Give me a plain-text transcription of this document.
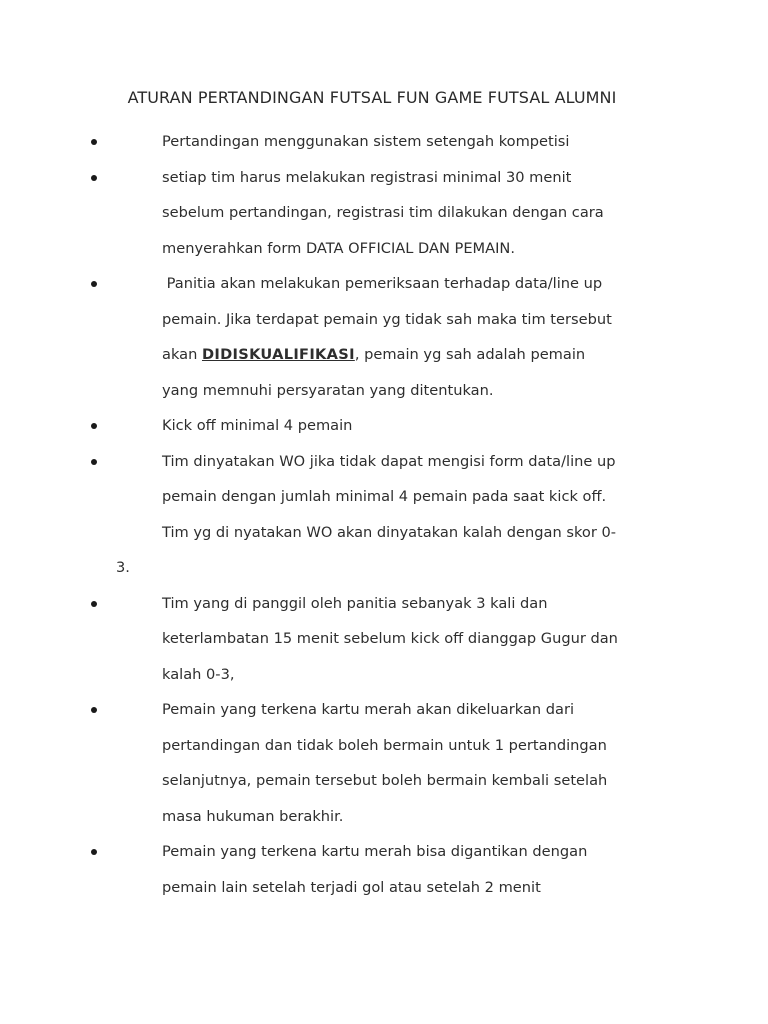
ATURAN PERTANDINGAN FUTSAL FUN GAME FUTSAL ALUMNI
Pertandingan menggunakan sistem setengah kompetisi
setiap tim harus melakukan registrasi minimal 30 menit
sebelum pertandingan, registrasi tim dilakukan dengan cara
menyerahkan form DATA OFFICIAL DAN PEMAIN.
Panitia akan melakukan pemeriksaan terhadap data/line up
pemain. Jika terdapat pemain yg tidak sah maka tim tersebut
akan DIDISKUALIFIKASI, pemain yg sah adalah pemain
yang memnuhi persyaratan yang ditentukan.
Kick off minimal 4 pemain
Tim dinyatakan WO jika tidak dapat mengisi form data/line up
pemain dengan jumlah minimal 4 pemain pada saat kick off.
Tim yg di nyatakan WO akan dinyatakan kalah dengan skor 0-
3.
Tim yang di panggil oleh panitia sebanyak 3 kali dan
keterlambatan 15 menit sebelum kick off dianggap Gugur dan
kalah 0-3,
Pemain yang terkena kartu merah akan dikeluarkan dari
pertandingan dan tidak boleh bermain untuk 1 pertandingan
selanjutnya, pemain tersebut boleh bermain kembali setelah
masa hukuman berakhir.
Pemain yang terkena kartu merah bisa digantikan dengan
pemain lain setelah terjadi gol atau setelah 2 menit
